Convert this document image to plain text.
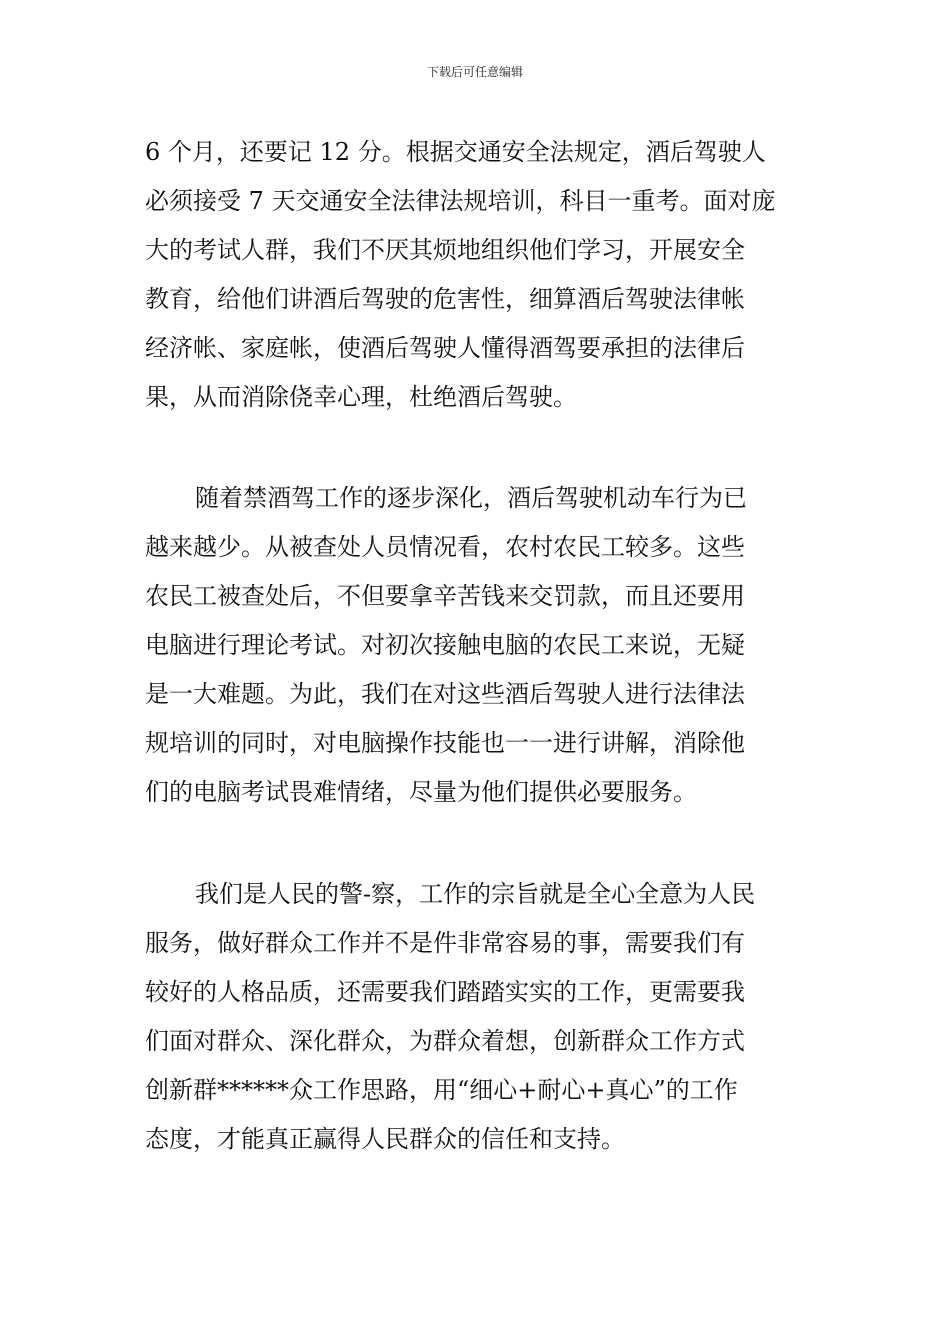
下载后可任意编辑
6 个月，还要记 12 分。根据交通安全法规定，酒后驾驶人
必须接受 7 天交通安全法律法规培训，科目一重考。面对庞
大的考试人群，我们不厌其烦地组织他们学习，开展安全
教育，给他们讲酒后驾驶的危害性，细算酒后驾驶法律帐
经济帐、家庭帐，使酒后驾驶人懂得酒驾要承担的法律后
果，从而消除侥幸心理，杜绝酒后驾驶。
随着禁酒驾工作的逐步深化，酒后驾驶机动车行为已
越来越少。从被查处人员情况看，农村农民工较多。这些
农民工被查处后，不但要拿辛苦钱来交罚款，而且还要用
电脑进行理论考试。对初次接触电脑的农民工来说，无疑
是一大难题。为此，我们在对这些酒后驾驶人进行法律法
规培训的同时，对电脑操作技能也一一进行讲解，消除他
们的电脑考试畏难情绪，尽量为他们提供必要服务。
我们是人民的警-察，工作的宗旨就是全心全意为人民
服务，做好群众工作并不是件非常容易的事，需要我们有
较好的人格品质，还需要我们踏踏实实的工作，更需要我
们面对群众、深化群众，为群众着想，创新群众工作方式
创新群******众工作思路，用“细心+耐心+真心”的工作
态度，才能真正赢得人民群众的信任和支持。
